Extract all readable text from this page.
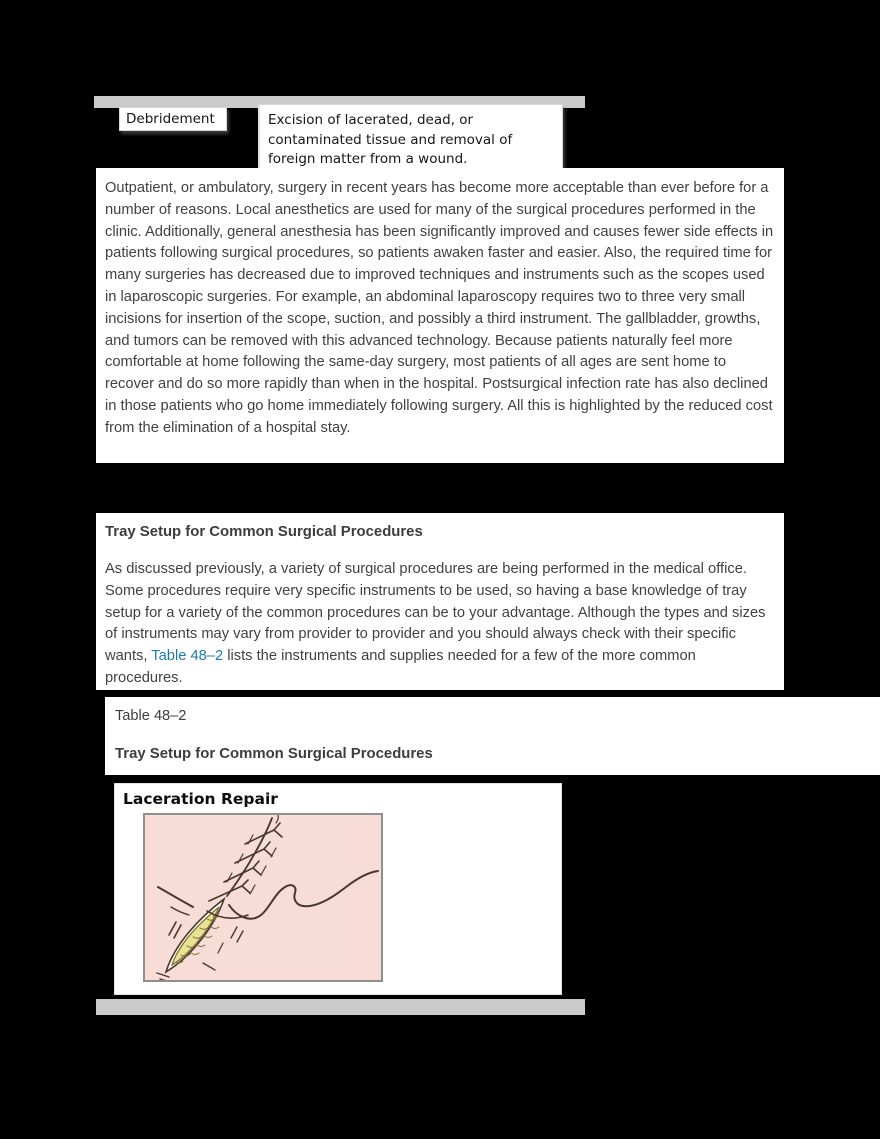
Debridement	Excision of lacerated, dead, or contaminated tissue and removal of foreign matter from a wound.

Outpatient, or ambulatory, surgery in recent years has become more acceptable than ever before for a number of reasons. Local anesthetics are used for many of the surgical procedures performed in the clinic. Additionally, general anesthesia has been significantly improved and causes fewer side effects in patients following surgical procedures, so patients awaken faster and easier. Also, the required time for many surgeries has decreased due to improved techniques and instruments such as the scopes used in laparoscopic surgeries. For example, an abdominal laparoscopy requires two to three very small incisions for insertion of the scope, suction, and possibly a third instrument. The gallbladder, growths, and tumors can be removed with this advanced technology. Because patients naturally feel more comfortable at home following the same-day surgery, most patients of all ages are sent home to recover and do so more rapidly than when in the hospital. Postsurgical infection rate has also declined in those patients who go home immediately following surgery. All this is highlighted by the reduced cost from the elimination of a hospital stay.

Tray Setup for Common Surgical Procedures

As discussed previously, a variety of surgical procedures are being performed in the medical office. Some procedures require very specific instruments to be used, so having a base knowledge of tray setup for a variety of the common procedures can be to your advantage. Although the types and sizes of instruments may vary from provider to provider and you should always check with their specific wants, Table 48–2 lists the instruments and supplies needed for a few of the more common procedures.

Table 48–2

Tray Setup for Common Surgical Procedures

Laceration Repair
